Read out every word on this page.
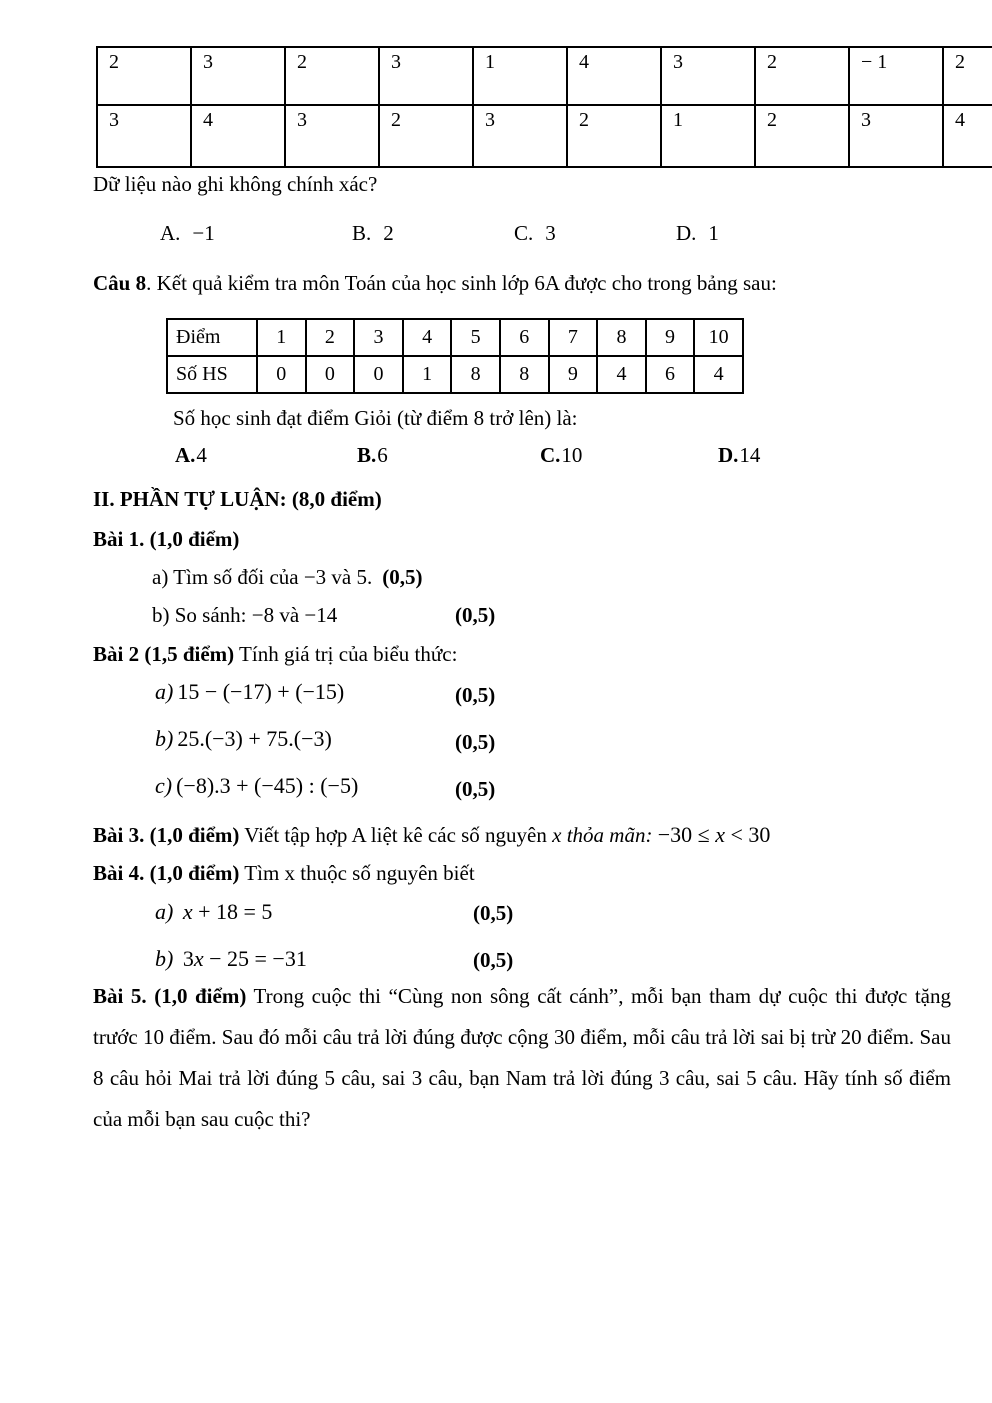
2	3	2	3	1	4	3	2	− 1	2
3	4	3	2	3	2	1	2	3	4
Dữ liệu nào ghi không chính xác?
A. −1	B. 2	C. 3	D. 1
Câu 8. Kết quả kiểm tra môn Toán của học sinh lớp 6A được cho trong bảng sau:
Điểm	1	2	3	4	5	6	7	8	9	10
Số HS	0	0	0	1	8	8	9	4	6	4
Số học sinh đạt điểm Giỏi (từ điểm 8 trở lên) là:
A.4	B.6	C.10	D.14
II. PHẦN TỰ LUẬN: (8,0 điểm)
Bài 1. (1,0 điểm)
a) Tìm số đối của −3 và 5. (0,5)
b) So sánh: −8 và −14	(0,5)
Bài 2 (1,5 điểm) Tính giá trị của biểu thức:
a) 15 − (−17) + (−15)	(0,5)
b) 25.(−3) + 75.(−3)	(0,5)
c) (−8).3 + (−45) : (−5)	(0,5)
Bài 3. (1,0 điểm) Viết tập hợp A liệt kê các số nguyên x thỏa mãn: −30 ≤ x < 30
Bài 4. (1,0 điểm) Tìm x thuộc số nguyên biết
a) x + 18 = 5	(0,5)
b) 3x − 25 = −31	(0,5)
Bài 5. (1,0 điểm) Trong cuộc thi “Cùng non sông cất cánh”, mỗi bạn tham dự cuộc thi được tặng trước 10 điểm. Sau đó mỗi câu trả lời đúng được cộng 30 điểm, mỗi câu trả lời sai bị trừ 20 điểm. Sau 8 câu hỏi Mai trả lời đúng 5 câu, sai 3 câu, bạn Nam trả lời đúng 3 câu, sai 5 câu. Hãy tính số điểm của mỗi bạn sau cuộc thi?
